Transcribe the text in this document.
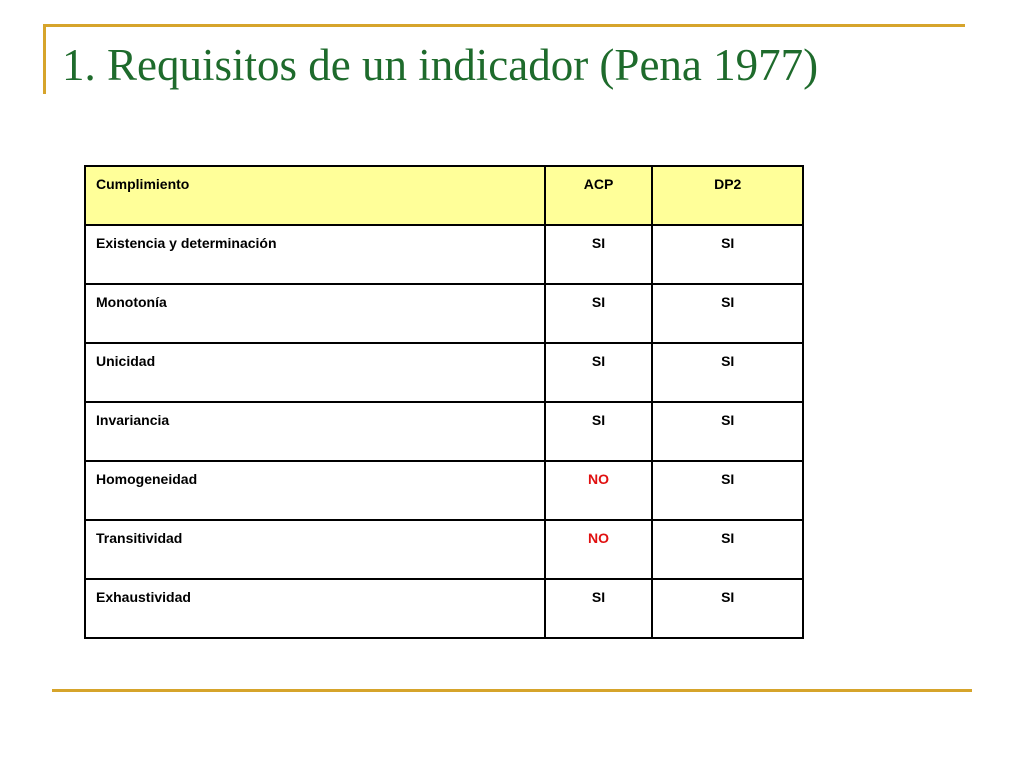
1. Requisitos de un indicador (Pena 1977)
Cumplimiento	ACP	DP2
Existencia y determinación	SI	SI
Monotonía	SI	SI
Unicidad	SI	SI
Invariancia	SI	SI
Homogeneidad	NO	SI
Transitividad	NO	SI
Exhaustividad	SI	SI
